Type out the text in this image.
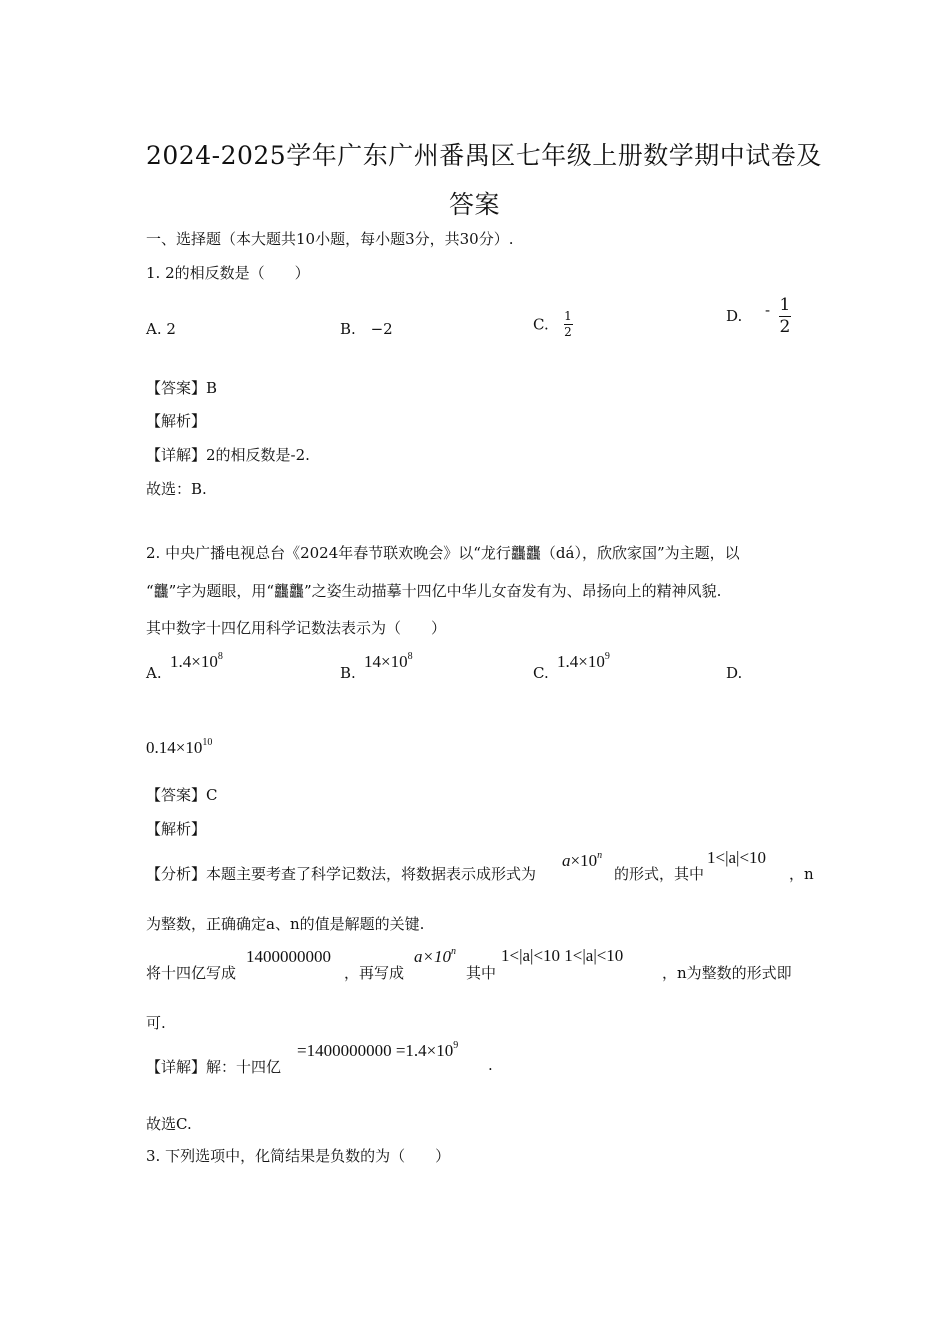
2024-2025学年广东广州番禺区七年级上册数学期中试卷及
答案
一、选择题（本大题共10小题，每小题3分，共30分）.
1. 2的相反数是（　　）
A. 2	B. −2	C. $\frac{1}{2}$	D. - $\frac{1}{2}$
【答案】B
【解析】
【详解】2的相反数是-2.
故选：B.
2. 中央广播电视总台《2024年春节联欢晚会》以“龙行龘龘（dá），欣欣家国”为主题，以
“龘”字为题眼，用“龘龘”之姿生动描摹十四亿中华儿女奋发有为、昂扬向上的精神风貌.
其中数字十四亿用科学记数法表示为（　　）
A.
$1.4\times 10^8$
B.
$14\times 10^8$
C.
$1.4\times 10^9$
D.
$0.14\times 10^{10}$
【答案】C
【解析】
【分析】本题主要考查了科学记数法，将数据表示成形式为
$a\times 10^n$
的形式，其中
1<|a|<10
，n
为整数，正确确定a、n的值是解题的关键.
将十四亿写成
1400000000
，再写成
$a\times 10^n$
其中
1<|a|<10 1<|a|<10
，n为整数的形式即
可.
【详解】解：十四亿
$=1400000000 =1.4\times 10^9$
.
故选C.
3. 下列选项中，化简结果是负数的为（　　）
